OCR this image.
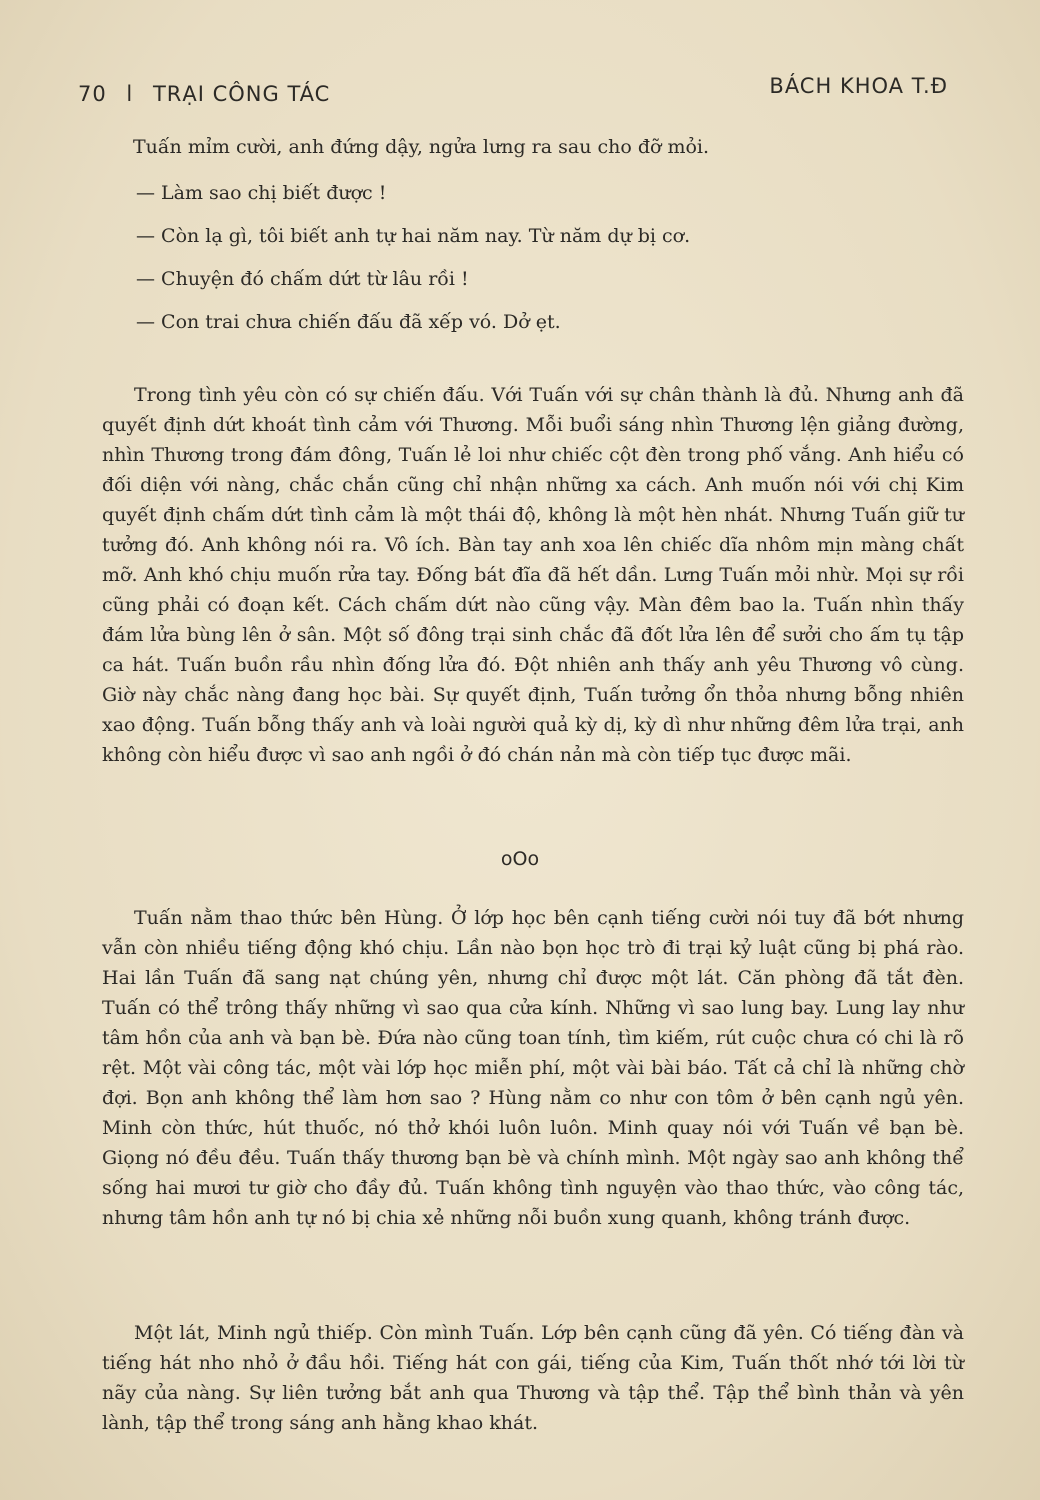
70 l TRẠI CÔNG TÁC	BÁCH KHOA T.Đ

Tuấn mỉm cười, anh đứng dậy, ngửa lưng ra sau cho đỡ mỏi.

— Làm sao chị biết được !

— Còn lạ gì, tôi biết anh tự hai năm nay. Từ năm dự bị cơ.

— Chuyện đó chấm dứt từ lâu rồi !

— Con trai chưa chiến đấu đã xếp vó. Dở ẹt.

Trong tình yêu còn có sự chiến đấu. Với Tuấn với sự chân thành là đủ. Nhưng anh đã quyết định dứt khoát tình cảm với Thương. Mỗi buổi sáng nhìn Thương lện giảng đường, nhìn Thương trong đám đông, Tuấn lẻ loi như chiếc cột đèn trong phố vắng. Anh hiểu có đối diện với nàng, chắc chắn cũng chỉ nhận những xa cách. Anh muốn nói với chị Kim quyết định chấm dứt tình cảm là một thái độ, không là một hèn nhát. Nhưng Tuấn giữ tư tưởng đó. Anh không nói ra. Vô ích. Bàn tay anh xoa lên chiếc dĩa nhôm mịn màng chất mỡ. Anh khó chịu muốn rửa tay. Đống bát đĩa đã hết dần. Lưng Tuấn mỏi nhừ. Mọi sự rồi cũng phải có đoạn kết. Cách chấm dứt nào cũng vậy. Màn đêm bao la. Tuấn nhìn thấy đám lửa bùng lên ở sân. Một số đông trại sinh chắc đã đốt lửa lên để sưởi cho ấm tụ tập ca hát. Tuấn buồn rầu nhìn đống lửa đó. Đột nhiên anh thấy anh yêu Thương vô cùng. Giờ này chắc nàng đang học bài. Sự quyết định, Tuấn tưởng ổn thỏa nhưng bỗng nhiên xao động. Tuấn bỗng thấy anh và loài người quả kỳ dị, kỳ dì như những đêm lửa trại, anh không còn hiểu được vì sao anh ngồi ở đó chán nản mà còn tiếp tục được mãi.

oOo

Tuấn nằm thao thức bên Hùng. Ở lớp học bên cạnh tiếng cười nói tuy đã bớt nhưng vẫn còn nhiều tiếng động khó chịu. Lần nào bọn học trò đi trại kỷ luật cũng bị phá rào. Hai lần Tuấn đã sang nạt chúng yên, nhưng chỉ được một lát. Căn phòng đã tắt đèn. Tuấn có thể trông thấy những vì sao qua cửa kính. Những vì sao lung bay. Lung lay như tâm hồn của anh và bạn bè. Đứa nào cũng toan tính, tìm kiếm, rút cuộc chưa có chi là rõ rệt. Một vài công tác, một vài lớp học miễn phí, một vài bài báo. Tất cả chỉ là những chờ đợi. Bọn anh không thể làm hơn sao ? Hùng nằm co như con tôm ở bên cạnh ngủ yên. Minh còn thức, hút thuốc, nó thở khói luôn luôn. Minh quay nói với Tuấn về bạn bè. Giọng nó đều đều. Tuấn thấy thương bạn bè và chính mình. Một ngày sao anh không thể sống hai mươi tư giờ cho đầy đủ. Tuấn không tình nguyện vào thao thức, vào công tác, nhưng tâm hồn anh tự nó bị chia xẻ những nỗi buồn xung quanh, không tránh được.

Một lát, Minh ngủ thiếp. Còn mình Tuấn. Lớp bên cạnh cũng đã yên. Có tiếng đàn và tiếng hát nho nhỏ ở đầu hồi. Tiếng hát con gái, tiếng của Kim, Tuấn thốt nhớ tới lời từ nãy của nàng. Sự liên tưởng bắt anh qua Thương và tập thể. Tập thể bình thản và yên lành, tập thể trong sáng anh hằng khao khát.
